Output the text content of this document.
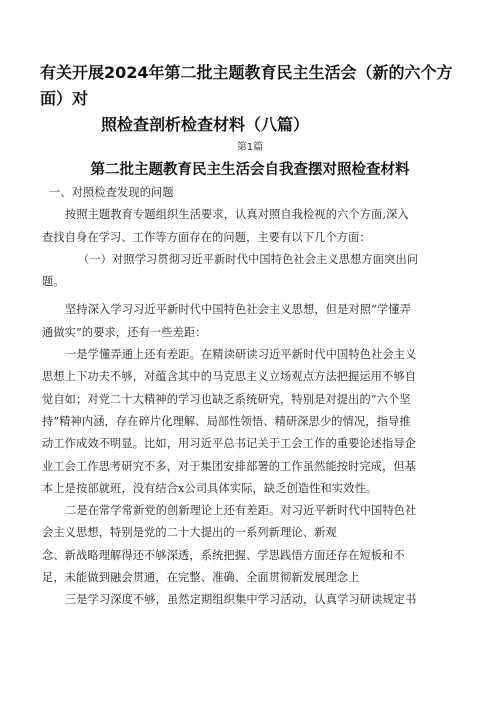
有关开展2024年第二批主题教育民主生活会（新的六个方面）对
照检查剖析检查材料（八篇）

第1篇

第二批主题教育民主生活会自我查摆对照检查材料
一、对照检查发现的问题

按照主题教育专题组织生活要求，认真对照自我检视的六个方面,深入
查找自身在学习、工作等方面存在的问题，主要有以下几个方面：

（一）对照学习贯彻习近平新时代中国特色社会主义思想方面突出问
题。

坚持深入学习习近平新时代中国特色社会主义思想，但是对照“学懂弄
通做实”的要求，还有一些差距：

一是学懂弄通上还有差距。在精读研读习近平新时代中国特色社会主义
思想上下功夫不够，对蕴含其中的马克思主义立场观点方法把握运用不够自
觉自如；对党二十大精神的学习也缺乏系统研究，特别是对提出的“六个坚
持”精神内涵，存在碎片化理解、局部性领悟、精研深思少的情况，指导推
动工作成效不明显。比如，用习近平总书记关于工会工作的重要论述指导企
业工会工作思考研究不多，对于集团安排部署的工作虽然能按时完成，但基
本上是按部就班，没有结合x公司具体实际，缺乏创造性和实效性。

二是在常学常新党的创新理论上还有差距。对习近平新时代中国特色社
会主义思想，特别是党的二十大提出的一系列新理论、新观
念、新战略理解得还不够深透，系统把握、学思践悟方面还存在短板和不
足，未能做到融会贯通，在完整、准确、全面贯彻新发展理念上

三是学习深度不够，虽然定期组织集中学习活动，认真学习研读规定书
